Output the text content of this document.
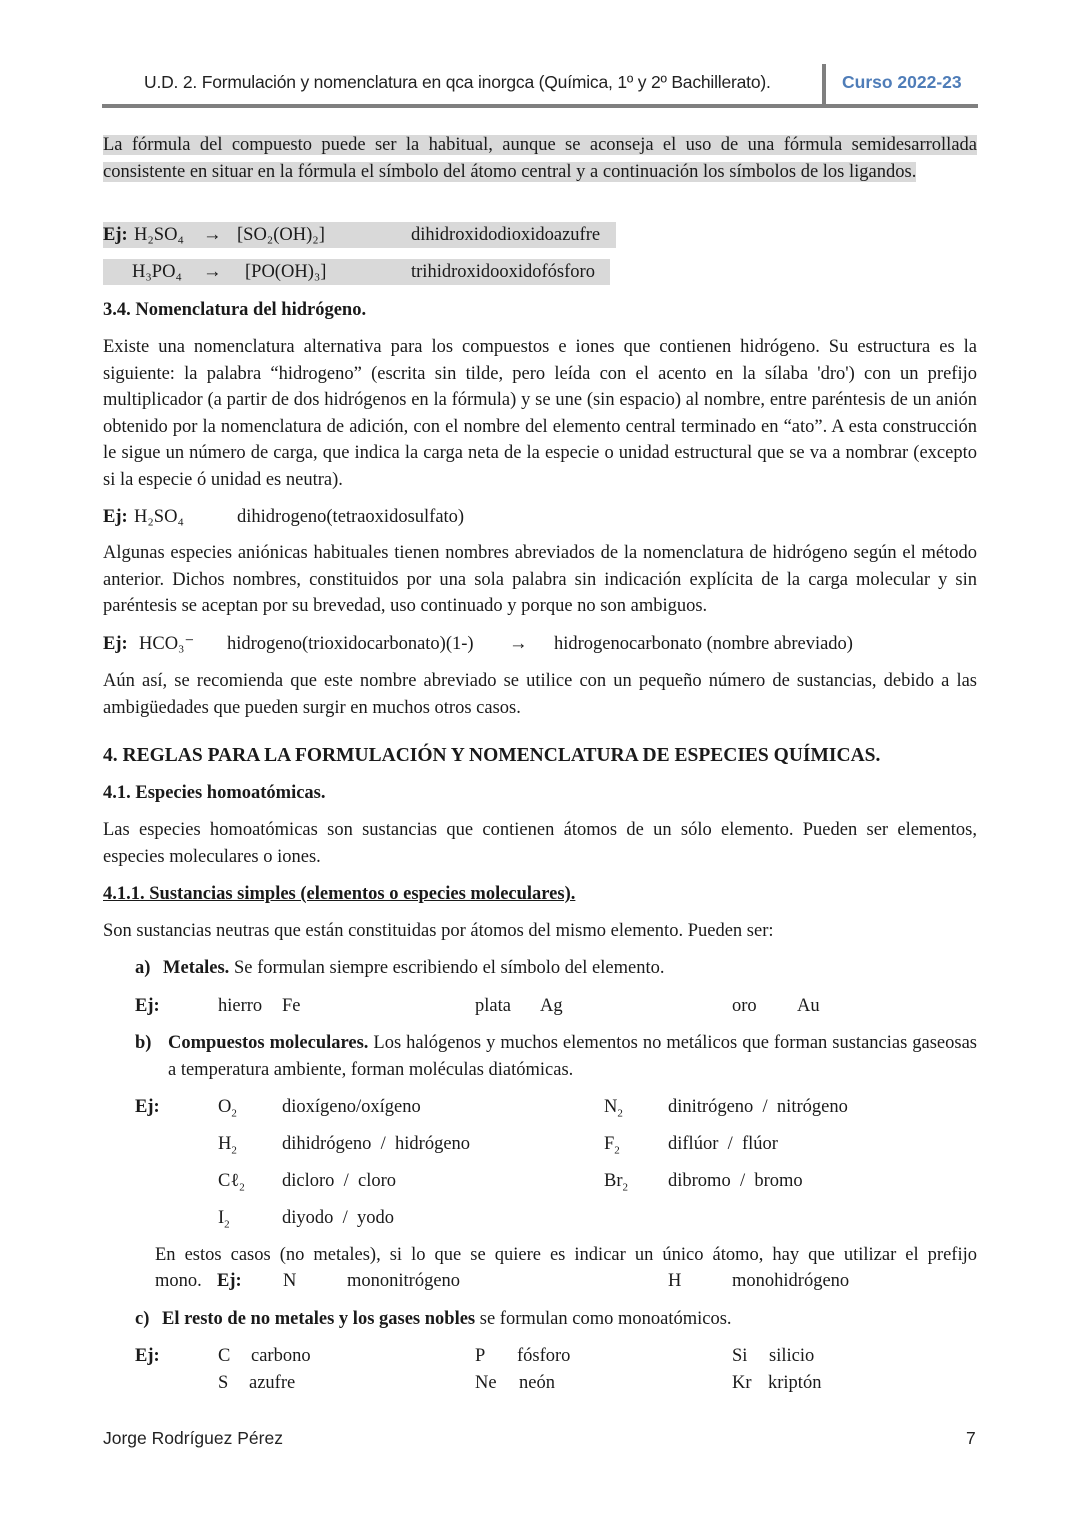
U.D. 2. Formulación y nomenclatura en qca inorgca (Química, 1º y 2º Bachillerato).	Curso 2022-23
La fórmula del compuesto puede ser la habitual, aunque se aconseja el uso de una fórmula semidesarrollada consistente en situar en la fórmula el símbolo del átomo central y a continuación los símbolos de los ligandos.
Ej: H₂SO₄ → [SO₂(OH)₂]	dihidroxidodioxidoazufre
H₃PO₄ → [PO(OH)₃]	trihidroxidooxidofósforo
3.4. Nomenclatura del hidrógeno.
Existe una nomenclatura alternativa para los compuestos e iones que contienen hidrógeno. Su estructura es la siguiente: la palabra “hidrogeno” (escrita sin tilde, pero leída con el acento en la sílaba 'dro') con un prefijo multiplicador (a partir de dos hidrógenos en la fórmula) y se une (sin espacio) al nombre, entre paréntesis de un anión obtenido por la nomenclatura de adición, con el nombre del elemento central terminado en “ato”. A esta construcción le sigue un número de carga, que indica la carga neta de la especie o unidad estructural que se va a nombrar (excepto si la especie ó unidad es neutra).
Ej: H₂SO₄	dihidrogeno(tetraoxidosulfato)
Algunas especies aniónicas habituales tienen nombres abreviados de la nomenclatura de hidrógeno según el método anterior. Dichos nombres, constituidos por una sola palabra sin indicación explícita de la carga molecular y sin paréntesis se aceptan por su brevedad, uso continuado y porque no son ambiguos.
Ej: HCO₃⁻ hidrogeno(trioxidocarbonato)(1-) → hidrogenocarbonato (nombre abreviado)
Aún así, se recomienda que este nombre abreviado se utilice con un pequeño número de sustancias, debido a las ambigüedades que pueden surgir en muchos otros casos.
4. REGLAS PARA LA FORMULACIÓN Y NOMENCLATURA DE ESPECIES QUÍMICAS.
4.1. Especies homoatómicas.
Las especies homoatómicas son sustancias que contienen átomos de un sólo elemento. Pueden ser elementos, especies moleculares o iones.
4.1.1. Sustancias simples (elementos o especies moleculares).
Son sustancias neutras que están constituidas por átomos del mismo elemento. Pueden ser:
a) Metales. Se formulan siempre escribiendo el símbolo del elemento.
Ej:	hierro Fe	plata Ag	oro Au
b) Compuestos moleculares. Los halógenos y muchos elementos no metálicos que forman sustancias gaseosas a temperatura ambiente, forman moléculas diatómicas.
Ej:	$O_2$ dioxígeno/oxígeno	$N_2$ dinitrógeno  /  nitrógeno
$H_2$ dihidrógeno  /  hidrógeno	$F_2$	diflúor  /  flúor
Cℓ$_2$ dicloro  /  cloro	$Br_2$ dibromo  /  bromo
$I_2$	diyodo  /  yodo
En estos casos (no metales), si lo que se quiere es indicar un único átomo, hay que utilizar el prefijo
mono. Ej: N	mononitrógeno	H	monohidrógeno
c) El resto de no metales y los gases nobles se formulan como monoatómicos.
Ej:	C carbono	P fósforo	Si silicio
S azufre	Ne neón	Kr kriptón
Jorge Rodríguez Pérez	7
